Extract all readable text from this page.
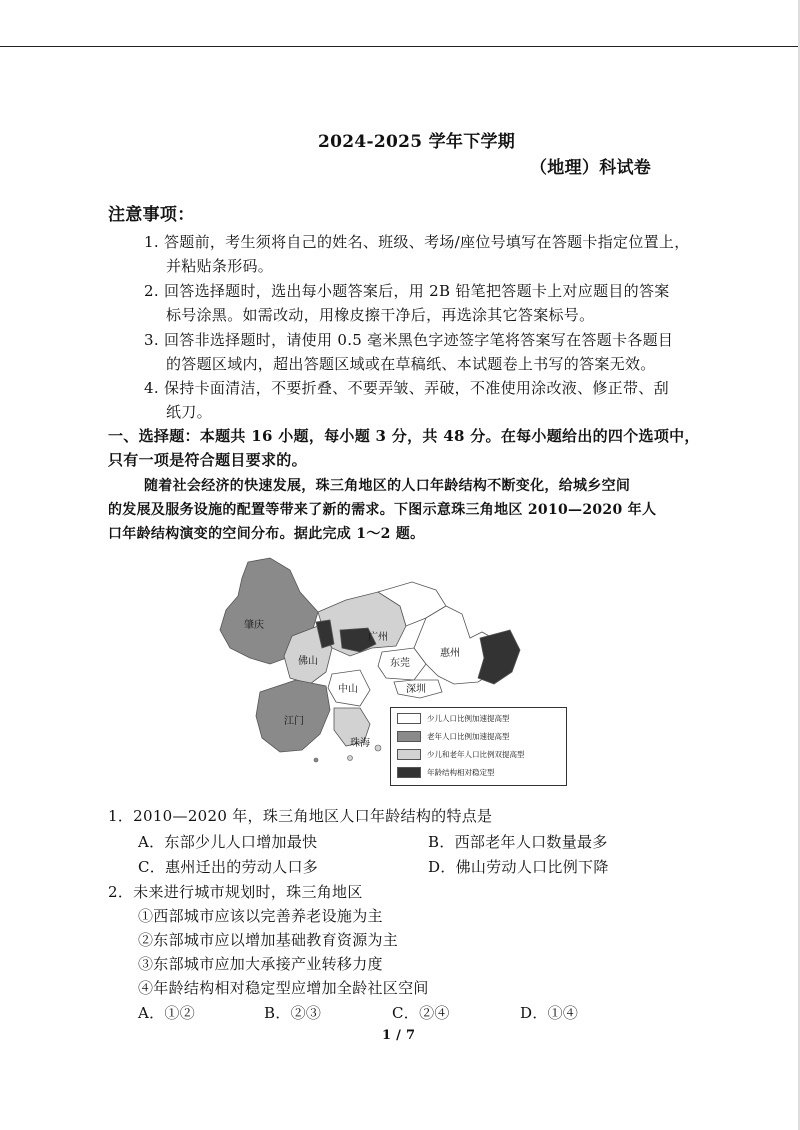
2024-2025 学年下学期
（地理）科试卷
注意事项：
1. 答题前，考生须将自己的姓名、班级、考场/座位号填写在答题卡指定位置上，
并粘贴条形码。
2. 回答选择题时，选出每小题答案后，用 2B 铅笔把答题卡上对应题目的答案
标号涂黑。如需改动，用橡皮擦干净后，再选涂其它答案标号。
3. 回答非选择题时，请使用 0.5 毫米黑色字迹签字笔将答案写在答题卡各题目
的答题区域内，超出答题区域或在草稿纸、本试题卷上书写的答案无效。
4. 保持卡面清洁，不要折叠、不要弄皱、弄破，不准使用涂改液、修正带、刮
纸刀。
一、选择题：本题共 16 小题，每小题 3 分，共 48 分。在每小题给出的四个选项中，
只有一项是符合题目要求的。
随着社会经济的快速发展，珠三角地区的人口年龄结构不断变化，给城乡空间
的发展及服务设施的配置等带来了新的需求。下图示意珠三角地区 2010—2020 年人
口年龄结构演变的空间分布。据此完成 1～2 题。
肇庆
广州
佛山	东莞
惠州
深圳
中山
江门
珠海
少儿人口比例加速提高型
老年人口比例加速提高型
少儿和老年人口比例双提高型
年龄结构相对稳定型
1．2010—2020 年，珠三角地区人口年龄结构的特点是
A．东部少儿人口增加最快	B．西部老年人口数量最多
C．惠州迁出的劳动人口多	D．佛山劳动人口比例下降
2．未来进行城市规划时，珠三角地区
①西部城市应该以完善养老设施为主
②东部城市应以增加基础教育资源为主
③东部城市应加大承接产业转移力度
④年龄结构相对稳定型应增加全龄社区空间
A．①②	B．②③	C．②④	D．①④
1 / 7
